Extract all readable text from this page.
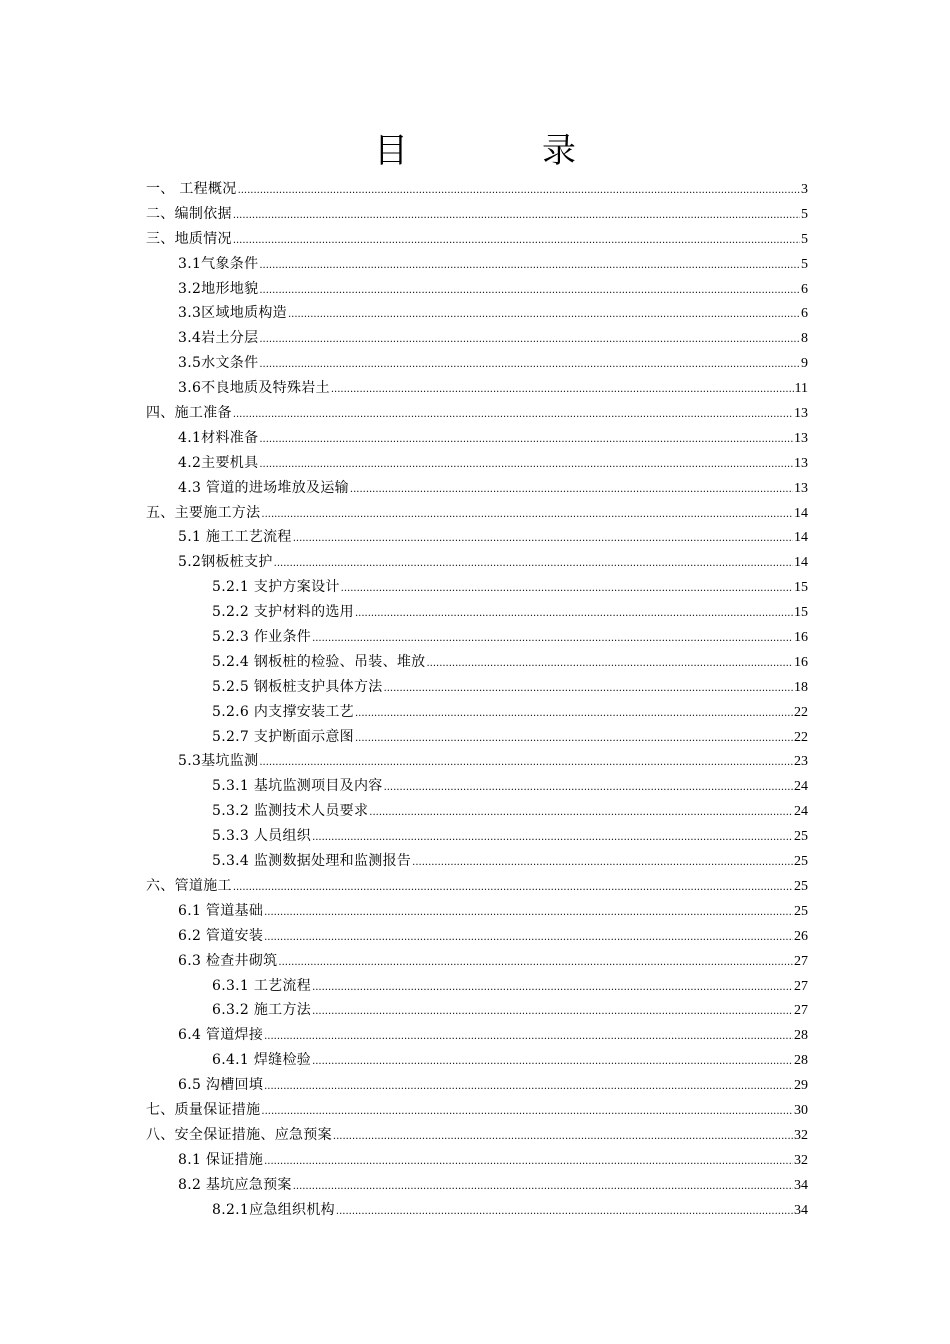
目　录
一、 工程概况 .....	3
二、编制依据 .....	5
三、地质情况 .....	5
3.1气象条件 .....	5
3.2地形地貌 .....	6
3.3区域地质构造 .....	6
3.4岩土分层 .....	8
3.5水文条件 .....	9
3.6不良地质及特殊岩土 .....	11
四、施工准备 .....	13
4.1材料准备 .....	13
4.2主要机具 .....	13
4.3 管道的进场堆放及运输 .....	13
五、主要施工方法 .....	14
5.1 施工工艺流程 .....	14
5.2钢板桩支护 .....	14
5.2.1 支护方案设计 .....	15
5.2.2 支护材料的选用 .....	15
5.2.3 作业条件 .....	16
5.2.4 钢板桩的检验、吊装、堆放 .....	16
5.2.5 钢板桩支护具体方法 .....	18
5.2.6 内支撑安装工艺 .....	22
5.2.7 支护断面示意图 .....	22
5.3基坑监测 .....	23
5.3.1 基坑监测项目及内容 .....	24
5.3.2 监测技术人员要求 .....	24
5.3.3 人员组织 .....	25
5.3.4 监测数据处理和监测报告 .....	25
六、管道施工 .....	25
6.1 管道基础 .....	25
6.2 管道安装 .....	26
6.3 检查井砌筑 .....	27
6.3.1 工艺流程 .....	27
6.3.2 施工方法 .....	27
6.4 管道焊接 .....	28
6.4.1 焊缝检验 .....	28
6.5 沟槽回填 .....	29
七、质量保证措施 .....	30
八、安全保证措施、应急预案 .....	32
8.1 保证措施 .....	32
8.2 基坑应急预案 .....	34
8.2.1应急组织机构 .....	34
